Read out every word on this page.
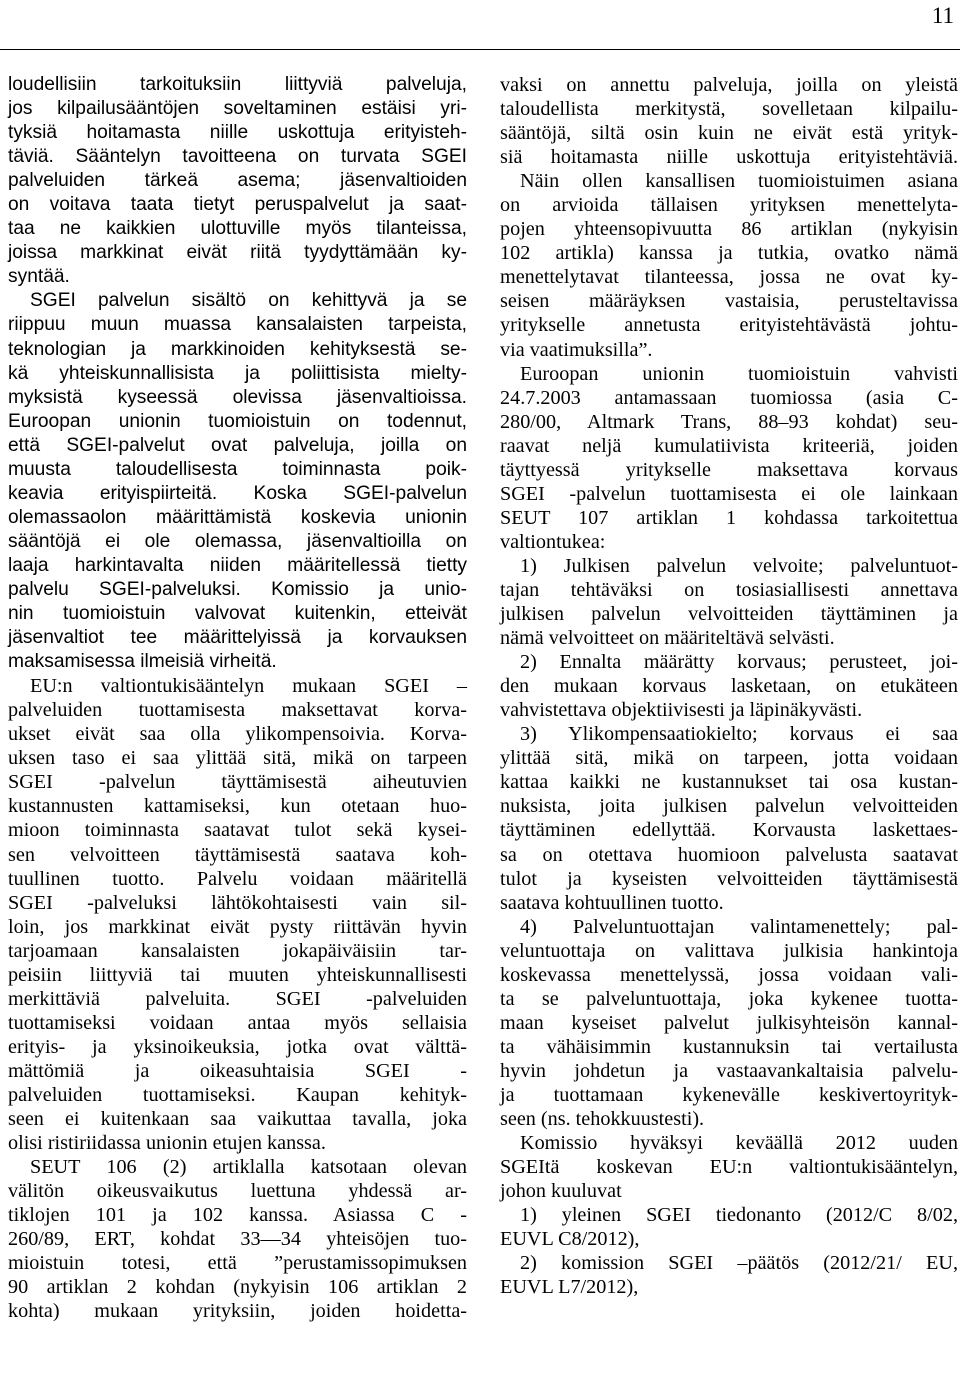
11
loudellisiin tarkoituksiin liittyviä palveluja,
jos kilpailusääntöjen soveltaminen estäisi yri-
tyksiä hoitamasta niille uskottuja erityisteh-
täviä. Sääntelyn tavoitteena on turvata SGEI
palveluiden tärkeä asema; jäsenvaltioiden
on voitava taata tietyt peruspalvelut ja saat-
taa ne kaikkien ulottuville myös tilanteissa,
joissa markkinat eivät riitä tyydyttämään ky-
syntää.
SGEI palvelun sisältö on kehittyvä ja se
riippuu muun muassa kansalaisten tarpeista,
teknologian ja markkinoiden kehityksestä se-
kä yhteiskunnallisista ja poliittisista mielty-
myksistä kyseessä olevissa jäsenvaltioissa.
Euroopan unionin tuomioistuin on todennut,
että SGEI-palvelut ovat palveluja, joilla on
muusta taloudellisesta toiminnasta poik-
keavia erityispiirteitä. Koska SGEI-palvelun
olemassaolon määrittämistä koskevia unionin
sääntöjä ei ole olemassa, jäsenvaltioilla on
laaja harkintavalta niiden määritellessä tietty
palvelu SGEI-palveluksi. Komissio ja unio-
nin tuomioistuin valvovat kuitenkin, etteivät
jäsenvaltiot tee määrittelyissä ja korvauksen
maksamisessa ilmeisiä virheitä.
EU:n valtiontukisääntelyn mukaan SGEI –
palveluiden tuottamisesta maksettavat korva-
ukset eivät saa olla ylikompensoivia. Korva-
uksen taso ei saa ylittää sitä, mikä on tarpeen
SGEI -palvelun täyttämisestä aiheutuvien
kustannusten kattamiseksi, kun otetaan huo-
mioon toiminnasta saatavat tulot sekä kysei-
sen velvoitteen täyttämisestä saatava koh-
tuullinen tuotto. Palvelu voidaan määritellä
SGEI -palveluksi lähtökohtaisesti vain sil-
loin, jos markkinat eivät pysty riittävän hyvin
tarjoamaan kansalaisten jokapäiväisiin tar-
peisiin liittyviä tai muuten yhteiskunnallisesti
merkittäviä palveluita. SGEI -palveluiden
tuottamiseksi voidaan antaa myös sellaisia
erityis- ja yksinoikeuksia, jotka ovat välttä-
mättömiä ja oikeasuhtaisia SGEI -
palveluiden tuottamiseksi. Kaupan kehityk-
seen ei kuitenkaan saa vaikuttaa tavalla, joka
olisi ristiriidassa unionin etujen kanssa.
SEUT 106 (2) artiklalla katsotaan olevan
välitön oikeusvaikutus luettuna yhdessä ar-
tiklojen 101 ja 102 kanssa. Asiassa C -
260/89, ERT, kohdat 33—34 yhteisöjen tuo-
mioistuin totesi, että ”perustamissopimuksen
90 artiklan 2 kohdan (nykyisin 106 artiklan 2
kohta) mukaan yrityksiin, joiden hoidetta-
vaksi on annettu palveluja, joilla on yleistä
taloudellista merkitystä, sovelletaan kilpailu-
sääntöjä, siltä osin kuin ne eivät estä yrityk-
siä hoitamasta niille uskottuja erityistehtäviä.
Näin ollen kansallisen tuomioistuimen asiana
on arvioida tällaisen yrityksen menettelyta-
pojen yhteensopivuutta 86 artiklan (nykyisin
102 artikla) kanssa ja tutkia, ovatko nämä
menettelytavat tilanteessa, jossa ne ovat ky-
seisen määräyksen vastaisia, perusteltavissa
yritykselle annetusta erityistehtävästä johtu-
via vaatimuksilla”.
Euroopan unionin tuomioistuin vahvisti
24.7.2003 antamassaan tuomiossa (asia C-
280/00, Altmark Trans, 88–93 kohdat) seu-
raavat neljä kumulatiivista kriteeriä, joiden
täyttyessä yritykselle maksettava korvaus
SGEI -palvelun tuottamisesta ei ole lainkaan
SEUT 107 artiklan 1 kohdassa tarkoitettua
valtiontukea:
1) Julkisen palvelun velvoite; palveluntuot-
tajan tehtäväksi on tosiasiallisesti annettava
julkisen palvelun velvoitteiden täyttäminen ja
nämä velvoitteet on määriteltävä selvästi.
2) Ennalta määrätty korvaus; perusteet, joi-
den mukaan korvaus lasketaan, on etukäteen
vahvistettava objektiivisesti ja läpinäkyvästi.
3) Ylikompensaatiokielto; korvaus ei saa
ylittää sitä, mikä on tarpeen, jotta voidaan
kattaa kaikki ne kustannukset tai osa kustan-
nuksista, joita julkisen palvelun velvoitteiden
täyttäminen edellyttää. Korvausta laskettaes-
sa on otettava huomioon palvelusta saatavat
tulot ja kyseisten velvoitteiden täyttämisestä
saatava kohtuullinen tuotto.
4) Palveluntuottajan valintamenettely; pal-
veluntuottaja on valittava julkisia hankintoja
koskevassa menettelyssä, jossa voidaan vali-
ta se palveluntuottaja, joka kykenee tuotta-
maan kyseiset palvelut julkisyhteisön kannal-
ta vähäisimmin kustannuksin tai vertailusta
hyvin johdetun ja vastaavankaltaisia palvelu-
ja tuottamaan kykenevälle keskivertoyrityk-
seen (ns. tehokkuustesti).
Komissio hyväksyi keväällä 2012 uuden
SGEItä koskevan EU:n valtiontukisääntelyn,
johon kuuluvat
1) yleinen SGEI tiedonanto (2012/C 8/02,
EUVL C8/2012),
2) komission SGEI –päätös (2012/21/ EU,
EUVL L7/2012),
